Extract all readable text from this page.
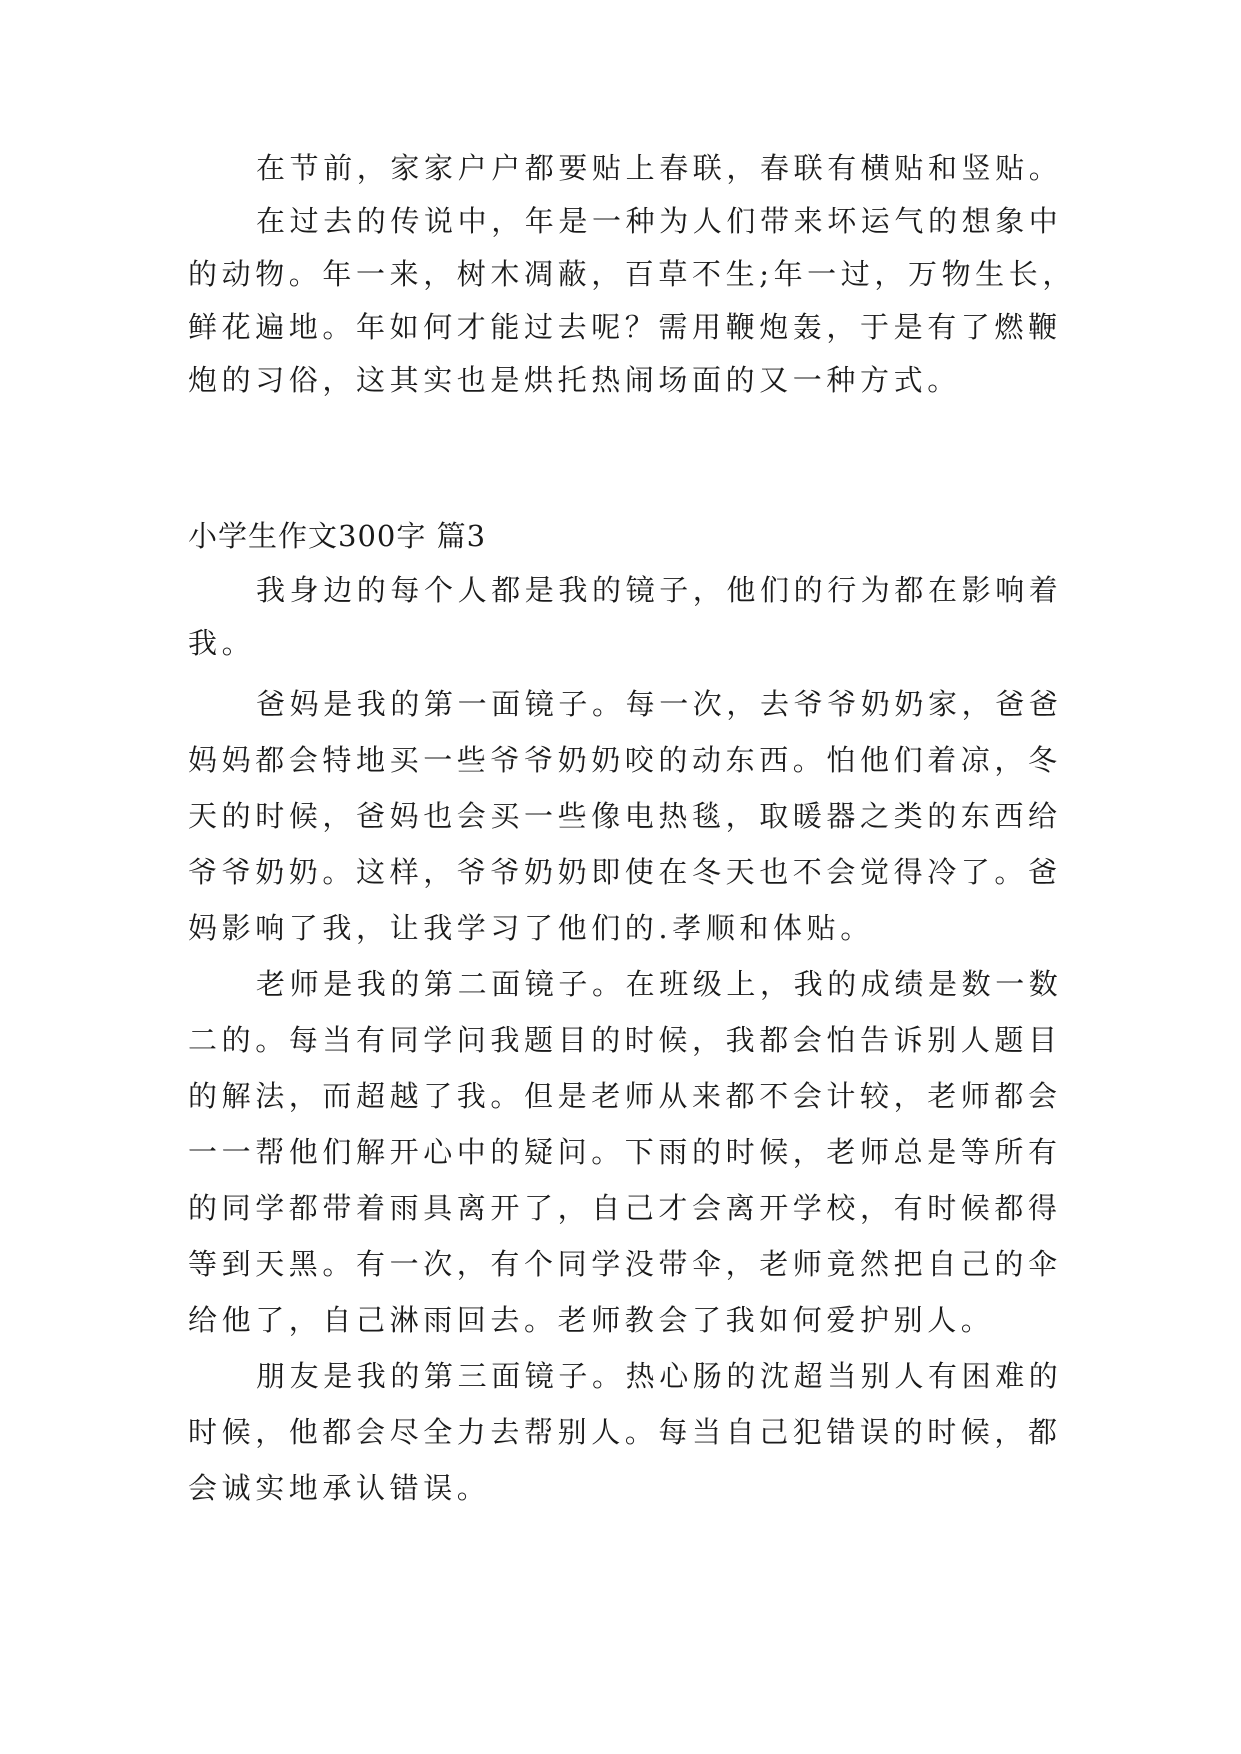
在节前，家家户户都要贴上春联，春联有横贴和竖贴。
在过去的传说中，年是一种为人们带来坏运气的想象中
的动物。年一来，树木凋蔽，百草不生;年一过，万物生长，
鲜花遍地。年如何才能过去呢？需用鞭炮轰，于是有了燃鞭
炮的习俗，这其实也是烘托热闹场面的又一种方式。
小学生作文300字 篇3
我身边的每个人都是我的镜子，他们的行为都在影响着
我。
爸妈是我的第一面镜子。每一次，去爷爷奶奶家，爸爸
妈妈都会特地买一些爷爷奶奶咬的动东西。怕他们着凉，冬
天的时候，爸妈也会买一些像电热毯，取暖器之类的东西给
爷爷奶奶。这样，爷爷奶奶即使在冬天也不会觉得冷了。爸
妈影响了我，让我学习了他们的.孝顺和体贴。
老师是我的第二面镜子。在班级上，我的成绩是数一数
二的。每当有同学问我题目的时候，我都会怕告诉别人题目
的解法，而超越了我。但是老师从来都不会计较，老师都会
一一帮他们解开心中的疑问。下雨的时候，老师总是等所有
的同学都带着雨具离开了，自己才会离开学校，有时候都得
等到天黑。有一次，有个同学没带伞，老师竟然把自己的伞
给他了，自己淋雨回去。老师教会了我如何爱护别人。
朋友是我的第三面镜子。热心肠的沈超当别人有困难的
时候，他都会尽全力去帮别人。每当自己犯错误的时候，都
会诚实地承认错误。
